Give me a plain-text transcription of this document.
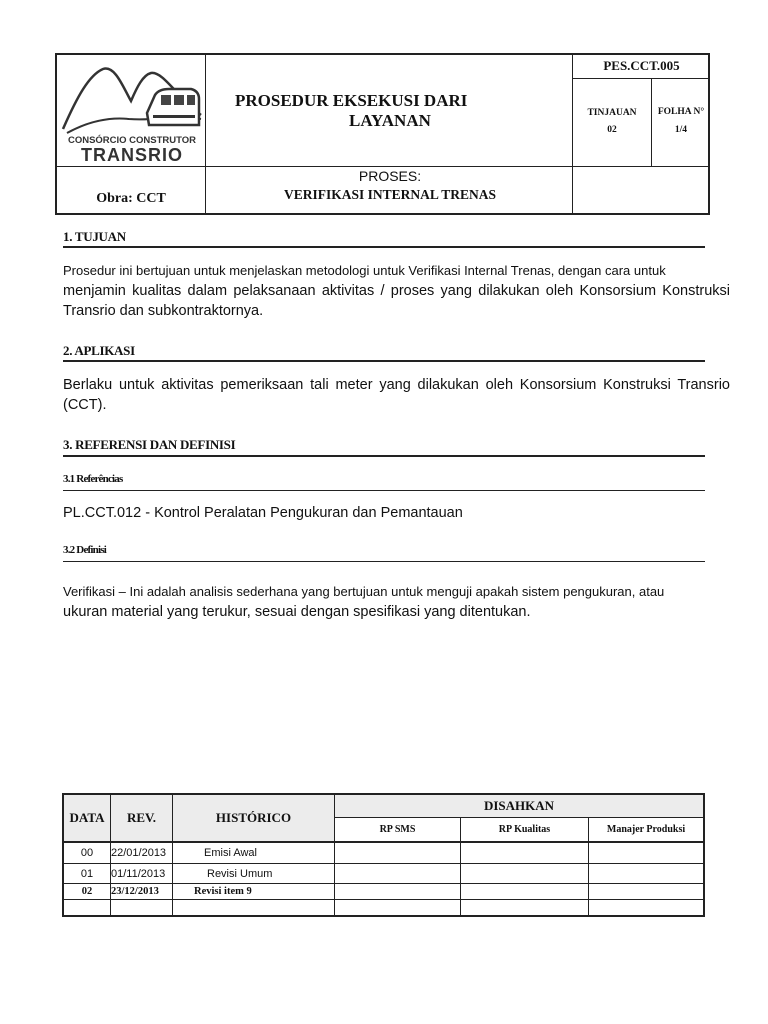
CONSÓRCIO CONSTRUTOR
TRANSRIO
PROSEDUR EKSEKUSI DARI
LAYANAN
PES.CCT.005
TINJAUAN
02
FOLHA N°
1/4
Obra: CCT
PROSES:
VERIFIKASI INTERNAL TRENAS
1. TUJUAN
Prosedur ini bertujuan untuk menjelaskan metodologi untuk Verifikasi Internal Trenas, dengan cara untuk
menjamin kualitas dalam pelaksanaan aktivitas / proses yang dilakukan oleh Konsorsium Konstruksi Transrio dan subkontraktornya.
2. APLIKASI
Berlaku untuk aktivitas pemeriksaan tali meter yang dilakukan oleh Konsorsium Konstruksi Transrio (CCT).
3. REFERENSI DAN DEFINISI
3.1 Referências
PL.CCT.012 - Kontrol Peralatan Pengukuran dan Pemantauan
3.2 Definisi
Verifikasi – Ini adalah analisis sederhana yang bertujuan untuk menguji apakah sistem pengukuran, atau
ukuran material yang terukur, sesuai dengan spesifikasi yang ditentukan.
DATA	REV.	HISTÓRICO
DISAHKAN
RP SMS	RP Kualitas	Manajer Produksi
00	22/01/2013	Emisi Awal
01	01/11/2013	Revisi Umum
02	23/12/2013	Revisi item 9
